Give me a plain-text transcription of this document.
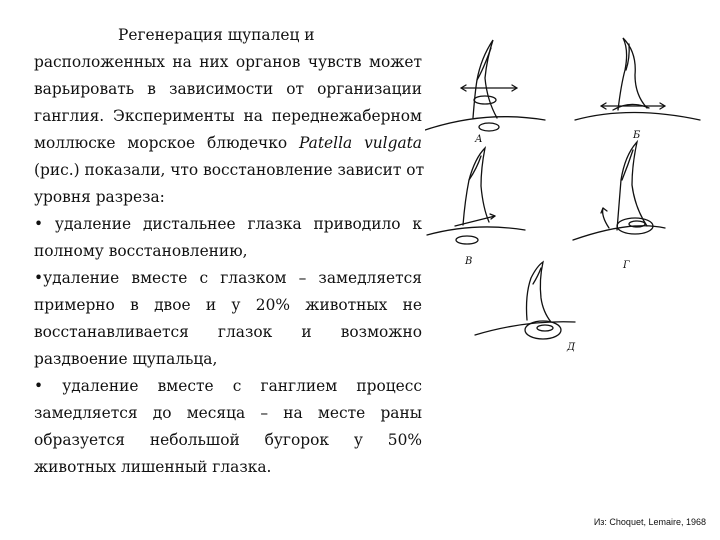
Регенерация щупалец и
расположенных на них органов чувств может
варьировать в зависимости от организации
ганглия. Эксперименты на переднежаберном
моллюске морское блюдечко Patella vulgata
(рис.) показали, что восстановление зависит от
уровня разреза:
• удаление дистальнее глазка приводило к
полному восстановлению,
•удаление вместе с глазком – замедляется
примерно в двое и у 20% животных не
восстанавливается глазок и возможно
раздвоение щупальца,
• удаление вместе с ганглием процесс
замедляется до месяца – на месте раны
образуется небольшой бугорок у 50%
животных лишенный глазка.
А	Б
В	Г
Д
Из: Choquet, Lemaire, 1968
